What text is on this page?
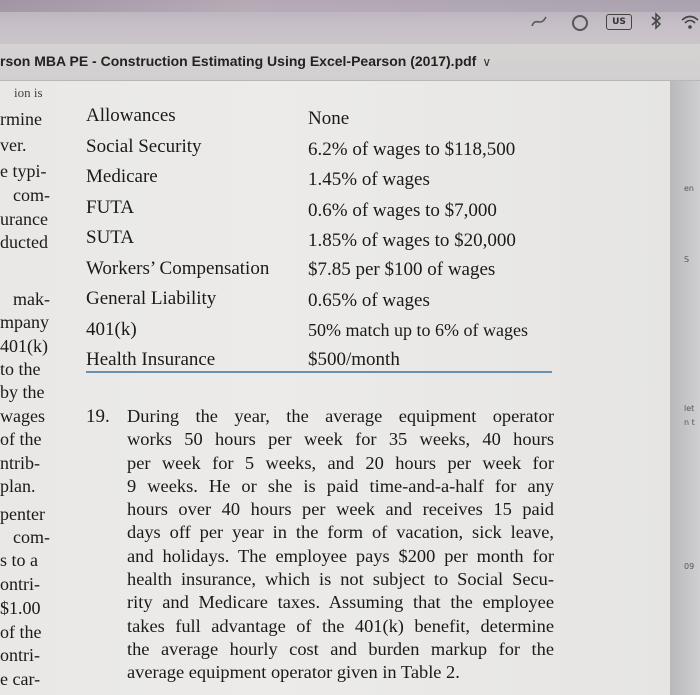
US
rson MBA PE - Construction Estimating Using Excel-Pearson (2017).pdf ∨
en
S
let
n t
09
ion is
rmine
ver.
e typi-
com-
urance
ducted
mak-
mpany
401(k)
to the
by the
wages
of the
ntrib-
plan.
penter
com-
s to a
ontri-
$1.00
of the
ontri-
e car-
Allowances	None
Social Security	6.2% of wages to $118,500
Medicare	1.45% of wages
FUTA	0.6% of wages to $7,000
SUTA	1.85% of wages to $20,000
Workers’ Compensation $7.85 per $100 of wages
General Liability	0.65% of wages
401(k)	50% match up to 6% of wages
Health Insurance	$500/month
19. During the year, the average equipment operator
works 50 hours per week for 35 weeks, 40 hours
per week for 5 weeks, and 20 hours per week for
9 weeks. He or she is paid time-and-a-half for any
hours over 40 hours per week and receives 15 paid
days off per year in the form of vacation, sick leave,
and holidays. The employee pays $200 per month for
health insurance, which is not subject to Social Secu-
rity and Medicare taxes. Assuming that the employee
takes full advantage of the 401(k) benefit, determine
the average hourly cost and burden markup for the
average equipment operator given in Table 2.
